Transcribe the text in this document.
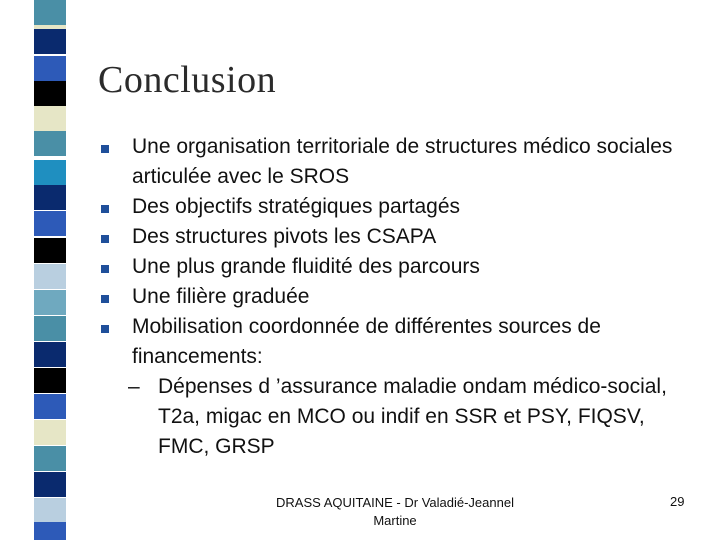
Conclusion
Une organisation territoriale de structures médico sociales articulée avec le SROS
Des objectifs stratégiques partagés
Des structures pivots les CSAPA
Une plus grande fluidité des parcours
Une filière graduée
Mobilisation coordonnée de différentes sources de financements:
– Dépenses d ’assurance maladie ondam médico-social, T2a, migac en MCO ou indif en SSR et PSY, FIQSV, FMC, GRSP
DRASS AQUITAINE - Dr Valadié-Jeannel Martine
29
